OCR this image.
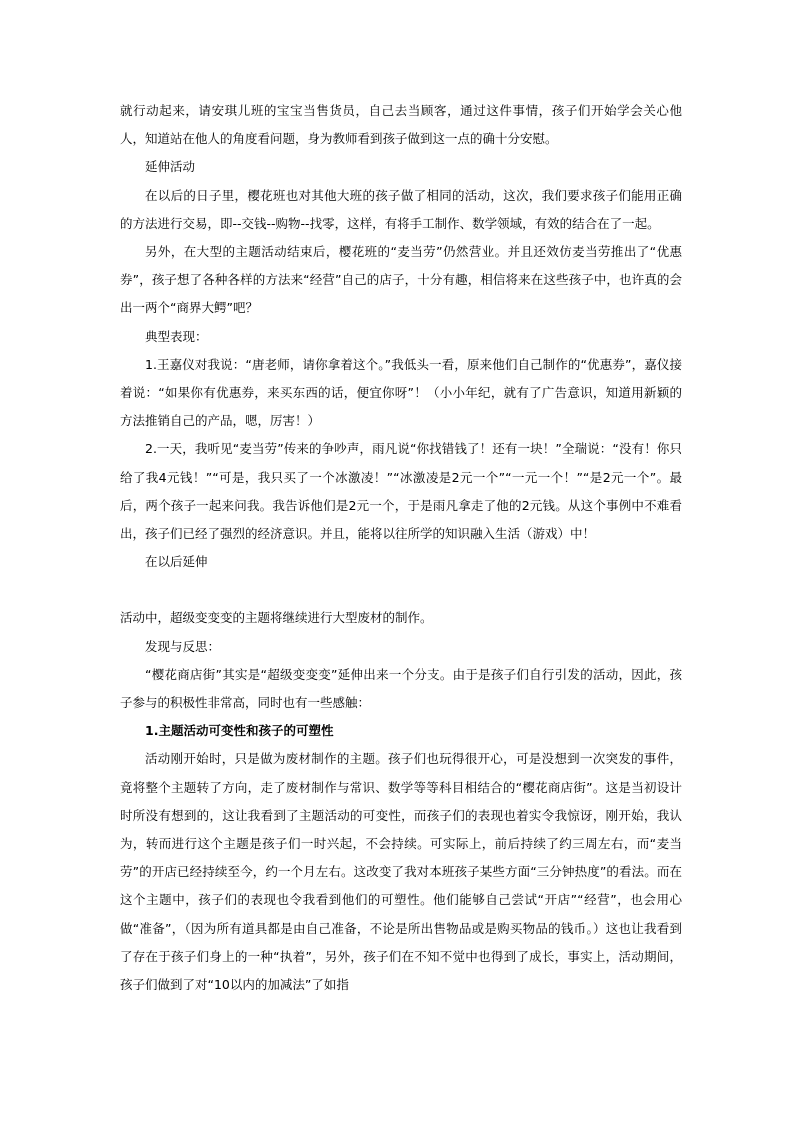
就行动起来，请安琪儿班的宝宝当售货员，自己去当顾客，通过这件事情，孩子们开始学会关心他人，知道站在他人的角度看问题，身为教师看到孩子做到这一点的确十分安慰。

延伸活动

在以后的日子里，樱花班也对其他大班的孩子做了相同的活动，这次，我们要求孩子们能用正确的方法进行交易，即--交钱--购物--找零，这样，有将手工制作、数学领域，有效的结合在了一起。

另外，在大型的主题活动结束后，樱花班的“麦当劳”仍然营业。并且还效仿麦当劳推出了“优惠券”，孩子想了各种各样的方法来“经营”自己的店子，十分有趣，相信将来在这些孩子中，也许真的会出一两个“商界大鳄”吧？

典型表现：

1.王嘉仪对我说：“唐老师，请你拿着这个。”我低头一看，原来他们自己制作的“优惠券”，嘉仪接着说：“如果你有优惠券，来买东西的话，便宜你呀”！（小小年纪，就有了广告意识，知道用新颖的方法推销自己的产品，嗯，厉害！）

2.一天，我听见“麦当劳”传来的争吵声，雨凡说“你找错钱了！还有一块！”全瑞说：“没有！你只给了我4元钱！”“可是，我只买了一个冰激凌！”“冰激凌是2元一个”“一元一个！”“是2元一个”。最后，两个孩子一起来问我。我告诉他们是2元一个，于是雨凡拿走了他的2元钱。从这个事例中不难看出，孩子们已经了强烈的经济意识。并且，能将以往所学的知识融入生活（游戏）中！

在以后延伸

活动中，超级变变变的主题将继续进行大型废材的制作。

发现与反思：

“樱花商店街”其实是“超级变变变”延伸出来一个分支。由于是孩子们自行引发的活动，因此，孩子参与的积极性非常高，同时也有一些感触：

1.主题活动可变性和孩子的可塑性

活动刚开始时，只是做为废材制作的主题。孩子们也玩得很开心，可是没想到一次突发的事件，竟将整个主题转了方向，走了废材制作与常识、数学等等科目相结合的“樱花商店街”。这是当初设计时所没有想到的，这让我看到了主题活动的可变性，而孩子们的表现也着实令我惊讶，刚开始，我认为，转而进行这个主题是孩子们一时兴起，不会持续。可实际上，前后持续了约三周左右，而“麦当劳”的开店已经持续至今，约一个月左右。这改变了我对本班孩子某些方面“三分钟热度”的看法。而在这个主题中，孩子们的表现也令我看到他们的可塑性。他们能够自己尝试“开店”“经营”，也会用心做“准备”，（因为所有道具都是由自己准备，不论是所出售物品或是购买物品的钱币。）这也让我看到了存在于孩子们身上的一种“执着”，另外，孩子们在不知不觉中也得到了成长，事实上，活动期间，孩子们做到了对“10以内的加减法”了如指
